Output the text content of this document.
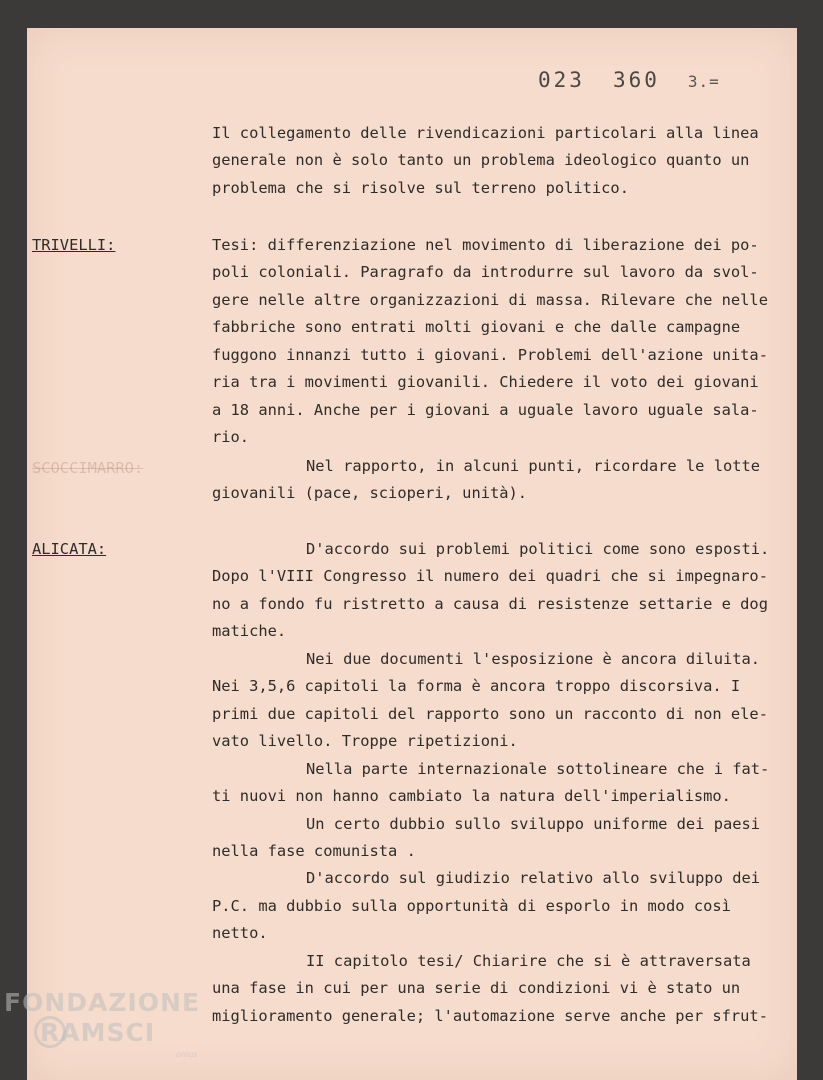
023 360 3.=
TRIVELLI:
SCOCCIMARRO:
ALICATA:
Il collegamento delle rivendicazioni particolari alla linea
generale non è solo tanto un problema ideologico quanto un
problema che si risolve sul terreno politico.
Tesi: differenziazione nel movimento di liberazione dei po-
poli coloniali. Paragrafo da introdurre sul lavoro da svol-
gere nelle altre organizzazioni di massa. Rilevare che nelle
fabbriche sono entrati molti giovani e che dalle campagne
fuggono innanzi tutto i giovani. Problemi dell'azione unita-
ria tra i movimenti giovanili. Chiedere il voto dei giovani
a 18 anni. Anche per i giovani a uguale lavoro uguale sala-
rio.
Nel rapporto, in alcuni punti, ricordare le lotte
giovanili (pace, scioperi, unità).
D'accordo sui problemi politici come sono esposti.
Dopo l'VIII Congresso il numero dei quadri che si impegnaro-
no a fondo fu ristretto a causa di resistenze settarie e dog
matiche.
Nei due documenti l'esposizione è ancora diluita.
Nei 3,5,6 capitoli la forma è ancora troppo discorsiva. I
primi due capitoli del rapporto sono un racconto di non ele-
vato livello. Troppe ripetizioni.
Nella parte internazionale sottolineare che i fat-
ti nuovi non hanno cambiato la natura dell'imperialismo.
Un certo dubbio sullo sviluppo uniforme dei paesi
nella fase comunista .
D'accordo sul giudizio relativo allo sviluppo dei
P.C. ma dubbio sulla opportunità di esporlo in modo così
netto.
II capitolo tesi/ Chiarire che si è attraversata
una fase in cui per una serie di condizioni vi è stato un
miglioramento generale; l'automazione serve anche per sfrut-
FONDAZIONE
RAMSCI
onlus
